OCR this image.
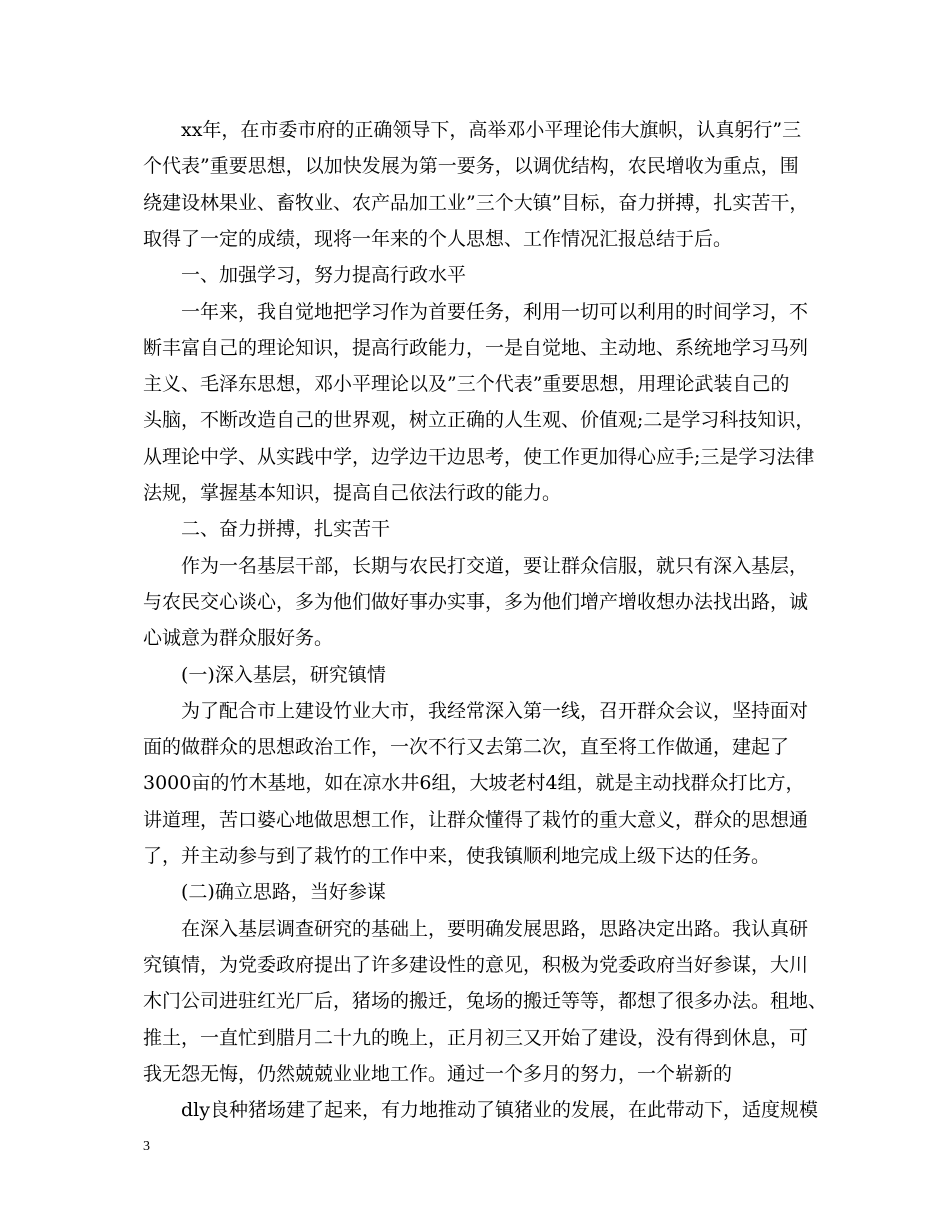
xx年，在市委市府的正确领导下，高举邓小平理论伟大旗帜，认真躬行”三
个代表”重要思想，以加快发展为第一要务，以调优结构，农民增收为重点，围
绕建设林果业、畜牧业、农产品加工业”三个大镇”目标，奋力拼搏，扎实苦干，
取得了一定的成绩，现将一年来的个人思想、工作情况汇报总结于后。
一、加强学习，努力提高行政水平
一年来，我自觉地把学习作为首要任务，利用一切可以利用的时间学习，不
断丰富自己的理论知识，提高行政能力，一是自觉地、主动地、系统地学习马列
主义、毛泽东思想，邓小平理论以及”三个代表”重要思想，用理论武装自己的
头脑，不断改造自己的世界观，树立正确的人生观、价值观;二是学习科技知识，
从理论中学、从实践中学，边学边干边思考，使工作更加得心应手;三是学习法律
法规，掌握基本知识，提高自己依法行政的能力。
二、奋力拼搏，扎实苦干
作为一名基层干部，长期与农民打交道，要让群众信服，就只有深入基层，
与农民交心谈心，多为他们做好事办实事，多为他们增产增收想办法找出路，诚
心诚意为群众服好务。
(一)深入基层，研究镇情
为了配合市上建设竹业大市，我经常深入第一线，召开群众会议，坚持面对
面的做群众的思想政治工作，一次不行又去第二次，直至将工作做通，建起了
3000亩的竹木基地，如在凉水井6组，大坡老村4组，就是主动找群众打比方，
讲道理，苦口婆心地做思想工作，让群众懂得了栽竹的重大意义，群众的思想通
了，并主动参与到了栽竹的工作中来，使我镇顺利地完成上级下达的任务。
(二)确立思路，当好参谋
在深入基层调查研究的基础上，要明确发展思路，思路决定出路。我认真研
究镇情，为党委政府提出了许多建设性的意见，积极为党委政府当好参谋，大川
木门公司进驻红光厂后，猪场的搬迁，兔场的搬迁等等，都想了很多办法。租地、
推土，一直忙到腊月二十九的晚上，正月初三又开始了建设，没有得到休息，可
我无怨无悔，仍然兢兢业业地工作。通过一个多月的努力，一个崭新的
dly良种猪场建了起来，有力地推动了镇猪业的发展，在此带动下，适度规模
3
